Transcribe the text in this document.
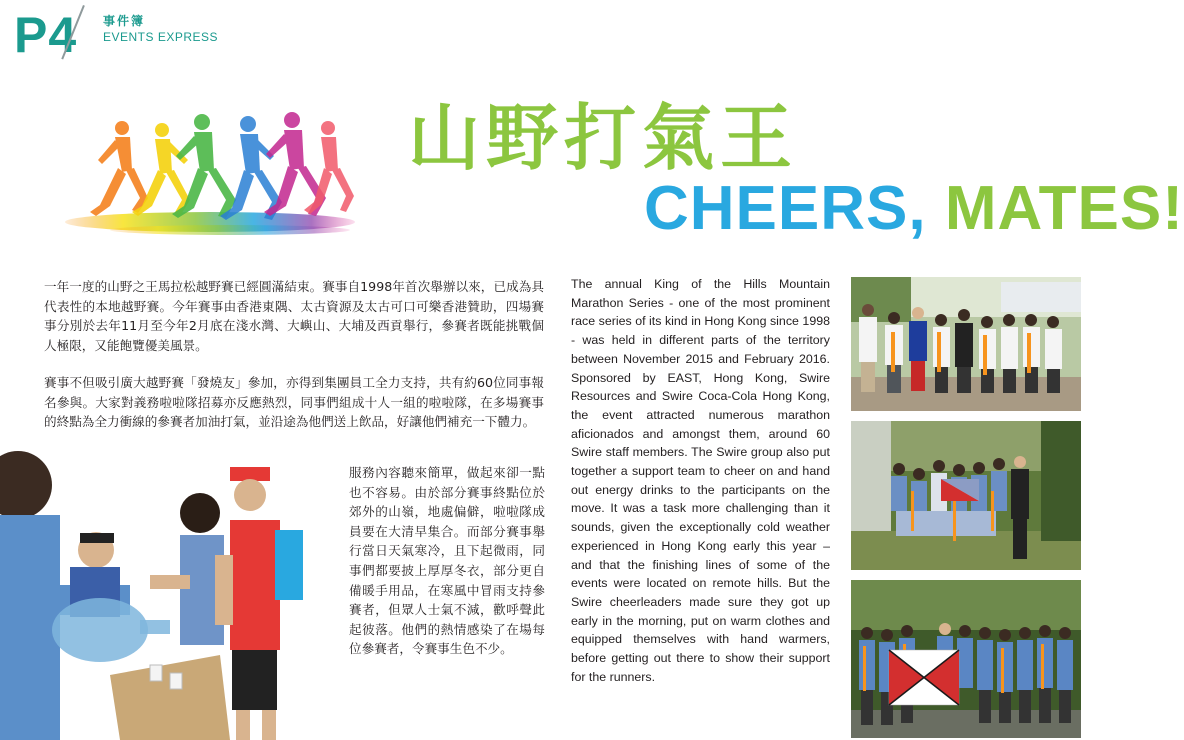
P4 事件簿
EVENTS EXPRESS
山野打氣王
CHEERS, MATES!
一年一度的山野之王馬拉松越野賽已經圓滿結束。賽事自1998年首次舉辦以來，已成為具代表性的本地越野賽。今年賽事由香港東隅、太古資源及太古可口可樂香港贊助，四場賽事分別於去年11月至今年2月底在淺水灣、大嶼山、大埔及西貢舉行，參賽者既能挑戰個人極限，又能飽覽優美風景。
賽事不但吸引廣大越野賽「發燒友」參加，亦得到集團員工全力支持，共有約60位同事報名參與。大家對義務啦啦隊招募亦反應熱烈，同事們組成十人一組的啦啦隊，在多場賽事的終點為全力衝線的參賽者加油打氣，並沿途為他們送上飲品，好讓他們補充一下體力。
服務內容聽來簡單，做起來卻一點也不容易。由於部分賽事終點位於郊外的山嶺，地處偏僻，啦啦隊成員要在大清早集合。而部分賽事舉行當日天氣寒冷，且下起微雨，同事們都要披上厚厚冬衣，部分更自備暖手用品，在寒風中冒雨支持參賽者，但眾人士氣不減，歡呼聲此起彼落。他們的熱情感染了在場每位參賽者，令賽事生色不少。
The annual King of the Hills Mountain Marathon Series - one of the most prominent race series of its kind in Hong Kong since 1998 - was held in different parts of the territory between November 2015 and February 2016. Sponsored by EAST, Hong Kong, Swire Resources and Swire Coca-Cola Hong Kong, the event attracted numerous marathon aficionados and amongst them, around 60 Swire staff members. The Swire group also put together a support team to cheer on and hand out energy drinks to the participants on the move. It was a task more challenging than it sounds, given the exceptionally cold weather experienced in Hong Kong early this year – and that the finishing lines of some of the events were located on remote hills. But the Swire cheerleaders made sure they got up early in the morning, put on warm clothes and equipped themselves with hand warmers, before getting out there to show their support for the runners.
